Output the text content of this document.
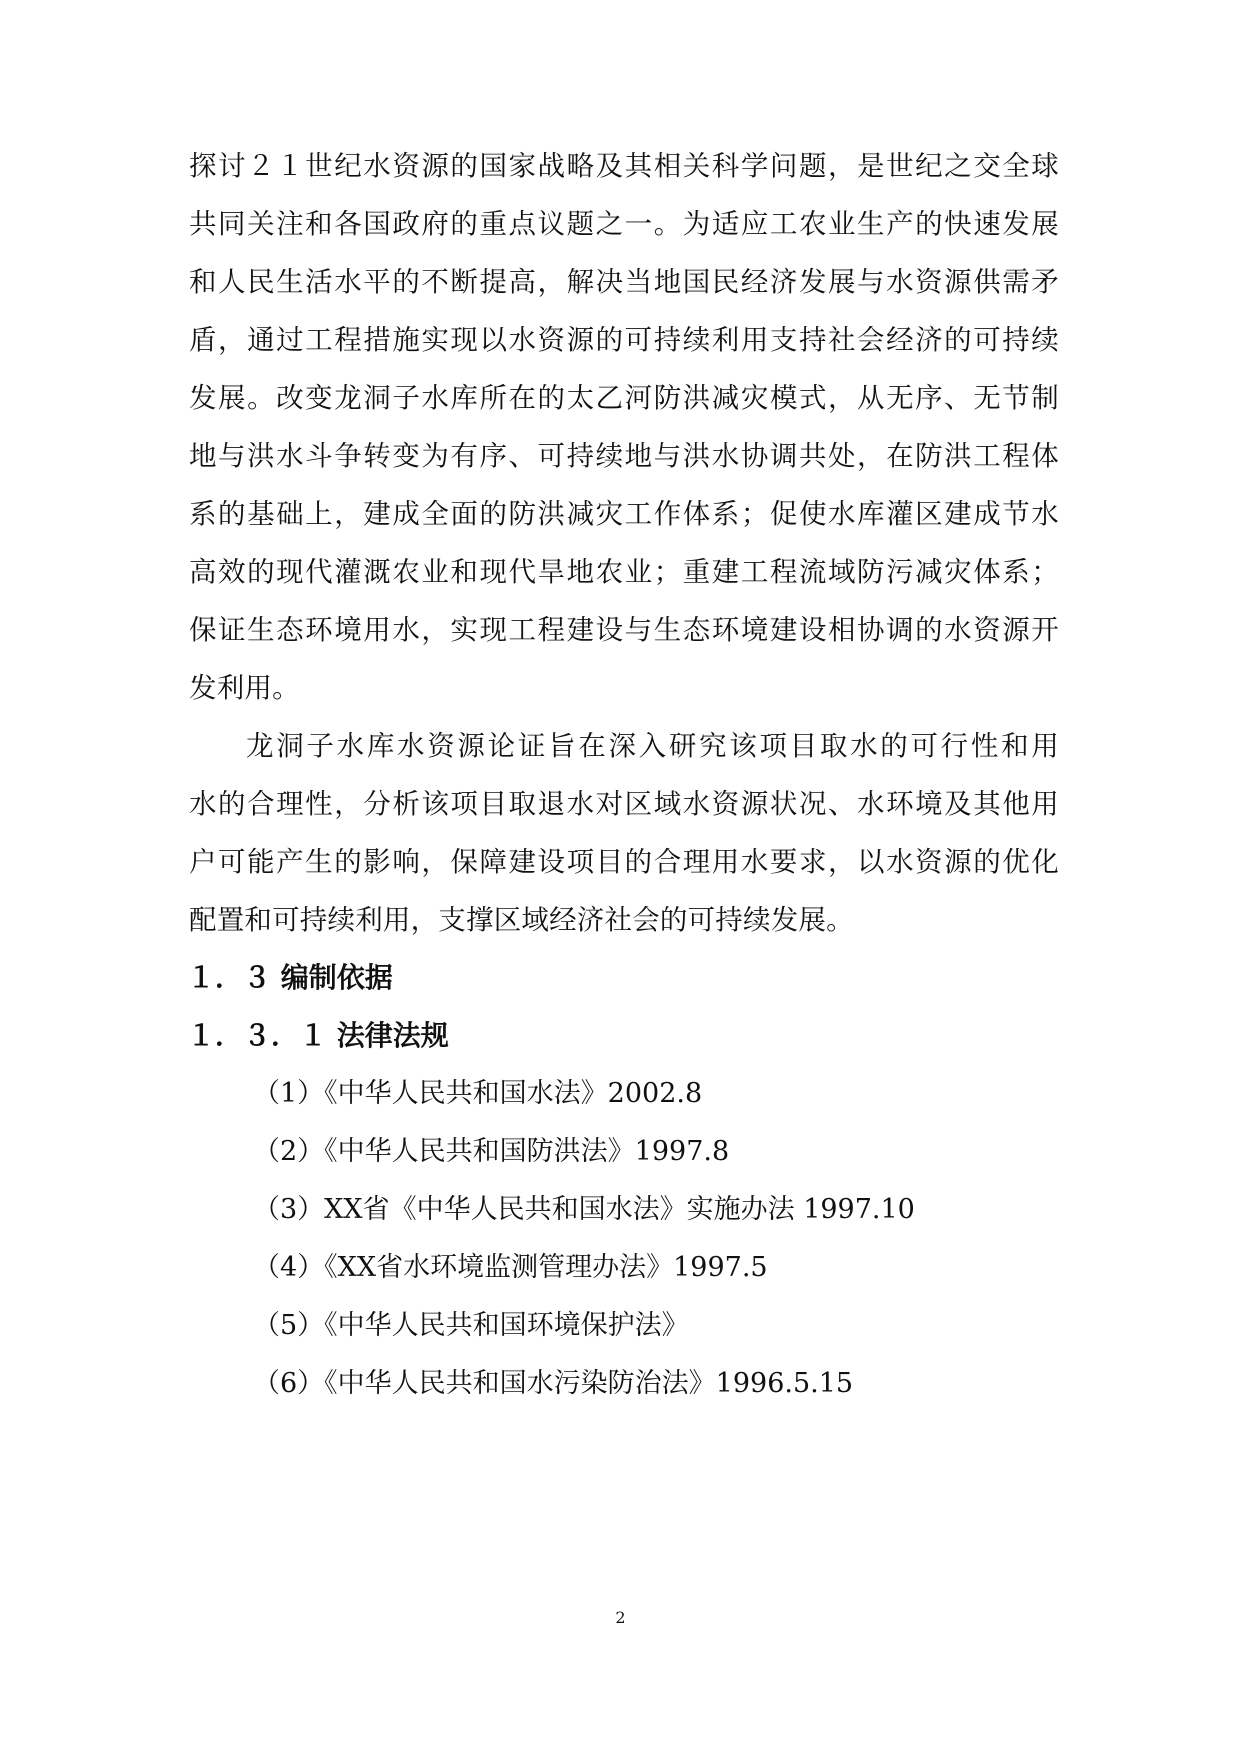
探讨２１世纪水资源的国家战略及其相关科学问题，是世纪之交全球
共同关注和各国政府的重点议题之一。为适应工农业生产的快速发展
和人民生活水平的不断提高，解决当地国民经济发展与水资源供需矛
盾，通过工程措施实现以水资源的可持续利用支持社会经济的可持续
发展。改变龙洞子水库所在的太乙河防洪减灾模式，从无序、无节制
地与洪水斗争转变为有序、可持续地与洪水协调共处，在防洪工程体
系的基础上，建成全面的防洪减灾工作体系；促使水库灌区建成节水
高效的现代灌溉农业和现代旱地农业；重建工程流域防污减灾体系；
保证生态环境用水，实现工程建设与生态环境建设相协调的水资源开
发利用。
龙洞子水库水资源论证旨在深入研究该项目取水的可行性和用
水的合理性，分析该项目取退水对区域水资源状况、水环境及其他用
户可能产生的影响，保障建设项目的合理用水要求，以水资源的优化
配置和可持续利用，支撑区域经济社会的可持续发展。
１．３ 编制依据
１．３．１ 法律法规
（1）《中华人民共和国水法》2002.8
（2）《中华人民共和国防洪法》1997.8
（3）XX省《中华人民共和国水法》实施办法 1997.10
（4）《XX省水环境监测管理办法》1997.5
（5）《中华人民共和国环境保护法》
（6）《中华人民共和国水污染防治法》1996.5.15
2
